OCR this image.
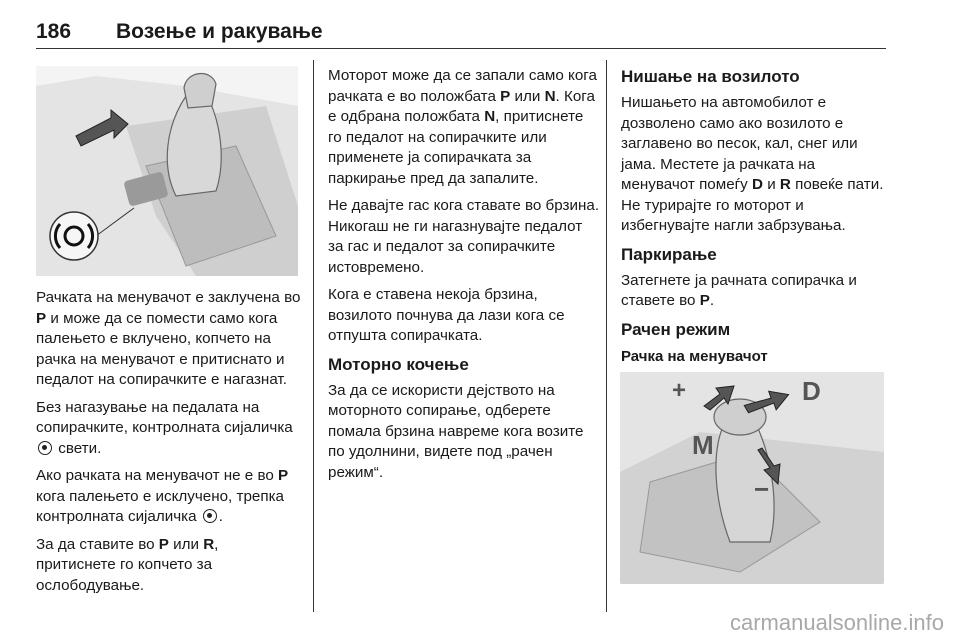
186 Возење и ракување

Рачката на менувачот е заклучена во P и може да се помести само кога палењето е вклучено, копчето на рачка на менувачот е притиснато и педалот на сопирачките е нагазнат.

Без нагазување на педалата на сопирачките, контролната сијаличка  свети.

Ако рачката на менувачот не е во P кога палењето е исклучено, трепка контролната сијаличка .

За да ставите во P или R, притиснете го копчето за ослободување.

Моторот може да се запали само кога рачката е во положбата P или N. Кога е одбрана положбата N, притиснете го педалот на сопирачките или применете ја сопирачката за паркирање пред да запалите.

Не давајте гас кога ставате во брзина. Никогаш не ги нагазнувајте педалот за гас и педалот за сопирачките истовремено.

Кога е ставена некоја брзина, возилото почнува да лази кога се отпушта сопирачката.

Моторно кочење

За да се искористи дејството на моторното сопирање, одберете помала брзина навреме кога возите по удолнини, видете под „рачен режим“.

Нишање на возилото

Нишањето на автомобилот е дозволено само ако возилото е заглавено во песок, кал, снег или јама. Местете ја рачката на менувачот помеѓу D и R повеќе пати. Не турирајте го моторот и избегнувајте нагли забрзувања.

Паркирање

Затегнете ја рачната сопирачка и ставете во P.

Рачен режим
Рачка на менувачот
+	D
M
−
carmanualsonline.info
